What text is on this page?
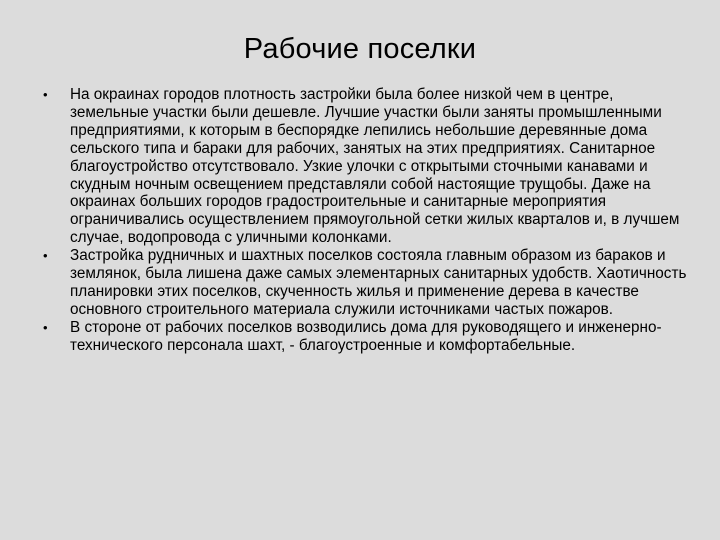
Рабочие поселки
• На окраинах городов плотность застройки была более низкой чем в центре, земельные участки были дешевле. Лучшие участки были заняты промышленными предприятиями, к которым в беспорядке лепились небольшие деревянные дома сельского типа и бараки для рабочих, занятых на этих предприятиях. Санитарное благоустройство отсутствовало. Узкие улочки с открытыми сточными канавами и скудным ночным освещением представляли собой настоящие трущобы. Даже на окраинах больших городов градостроительные и санитарные мероприятия ограничивались осуществлением прямоугольной сетки жилых кварталов и, в лучшем случае, водопровода с уличными колонками.
• Застройка рудничных и шахтных поселков состояла главным образом из бараков и землянок, была лишена даже самых элементарных санитарных удобств. Хаотичность планировки этих поселков, скученность жилья и применение дерева в качестве основного строительного материала служили источниками частых пожаров.
• В стороне от рабочих поселков возводились дома для руководящего и инженерно-технического персонала шахт, - благоустроенные и комфортабельные.
